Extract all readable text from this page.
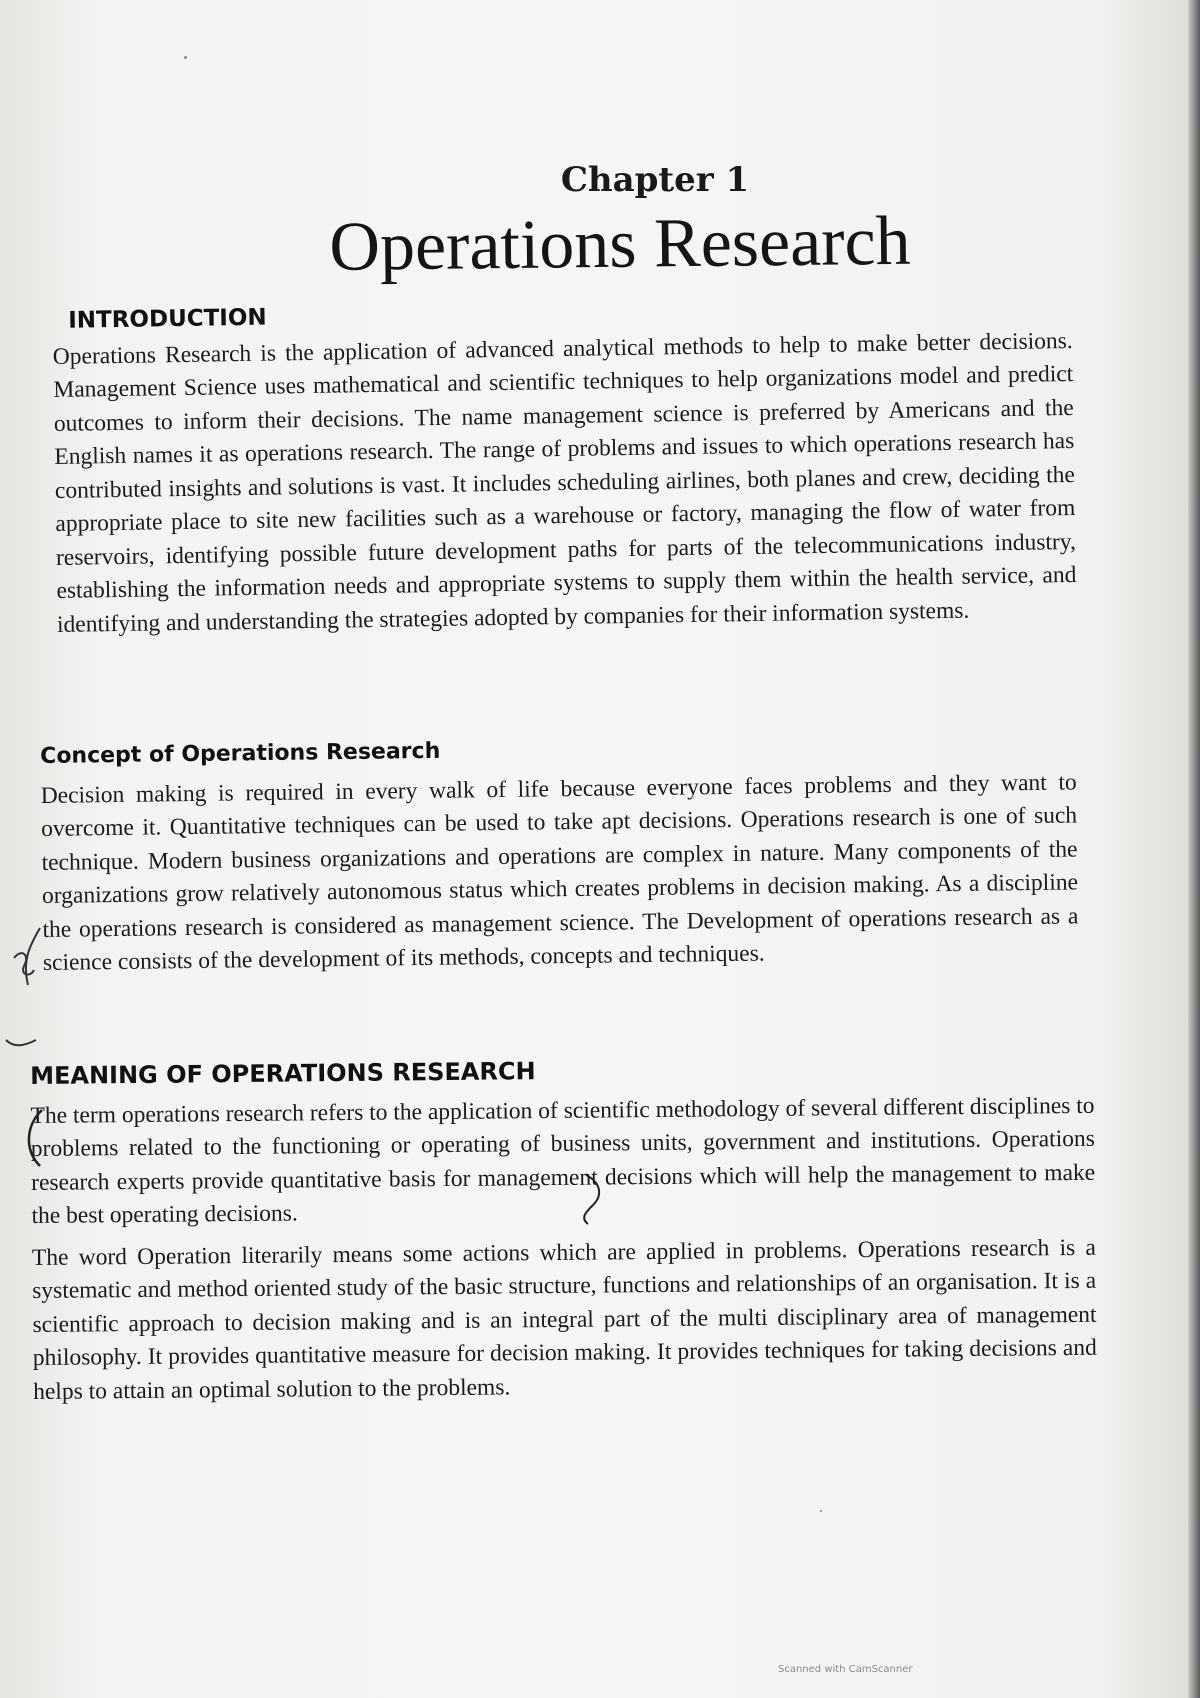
Chapter 1
Operations Research
INTRODUCTION

Operations Research is the application of advanced analytical methods to help to make better decisions. Management Science uses mathematical and scientific techniques to help organizations model and predict outcomes to inform their decisions. The name management science is preferred by Americans and the English names it as operations research. The range of problems and issues to which operations research has contributed insights and solutions is vast. It includes scheduling airlines, both planes and crew, deciding the appropriate place to site new facilities such as a warehouse or factory, managing the flow of water from reservoirs, identifying possible future development paths for parts of the telecommunications industry, establishing the information needs and appropriate systems to supply them within the health service, and identifying and understanding the strategies adopted by companies for their information systems.

Concept of Operations Research

Decision making is required in every walk of life because everyone faces problems and they want to overcome it. Quantitative techniques can be used to take apt decisions. Operations research is one of such technique. Modern business organizations and operations are complex in nature. Many components of the organizations grow relatively autonomous status which creates problems in decision making. As a discipline the operations research is considered as management science. The Development of operations research as a science consists of the development of its methods, concepts and techniques.

MEANING OF OPERATIONS RESEARCH

The term operations research refers to the application of scientific methodology of several different disciplines to problems related to the functioning or operating of business units, government and institutions. Operations research experts provide quantitative basis for management decisions which will help the management to make the best operating decisions.

The word Operation literarily means some actions which are applied in problems. Operations research is a systematic and method oriented study of the basic structure, functions and relationships of an organisation. It is a scientific approach to decision making and is an integral part of the multi disciplinary area of management philosophy. It provides quantitative measure for decision making. It provides techniques for taking decisions and helps to attain an optimal solution to the problems.

Scanned with CamScanner
